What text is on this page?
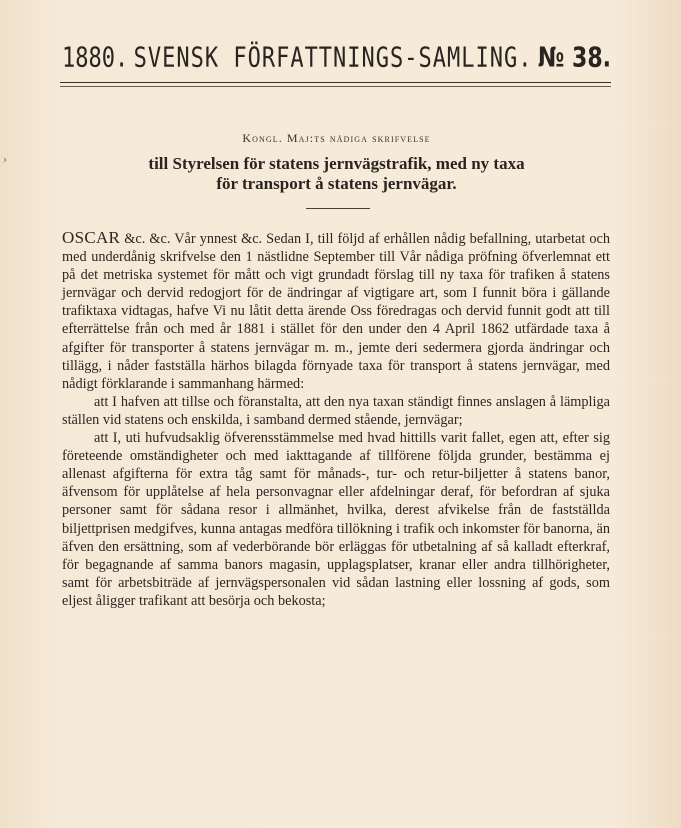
›
1880. SVENSK FÖRFATTNINGS-SAMLING. № 38.
Kongl. Maj:ts nådiga skrifvelse
till Styrelsen för statens jernvägstrafik, med ny taxa
för transport å statens jernvägar.

OSCAR &c. &c. Vår ynnest &c. Sedan I, till följd af erhållen nådig befallning, utarbetat och med underdånig skrifvelse den 1 nästlidne September till Vår nådiga pröfning öfverlemnat ett på det metriska systemet för mått och vigt grundadt förslag till ny taxa för trafiken å statens jernvägar och dervid redogjort för de ändringar af vigtigare art, som I funnit böra i gällande trafiktaxa vidtagas, hafve Vi nu låtit detta ärende Oss föredragas och dervid funnit godt att till efterrättelse från och med år 1881 i stället för den under den 4 April 1862 utfärdade taxa å afgifter för transporter å statens jernvägar m. m., jemte deri sedermera gjorda ändringar och tillägg, i nåder fastställa härhos bilagda förnyade taxa för transport å statens jernvägar, med nådigt förklarande i sammanhang härmed:

att I hafven att tillse och föranstalta, att den nya taxan ständigt finnes anslagen å lämpliga ställen vid statens och enskilda, i samband dermed stående, jernvägar;

att I, uti hufvudsaklig öfverensstämmelse med hvad hittills varit fallet, egen att, efter sig företeende omständigheter och med iakttagande af tillförene följda grunder, bestämma ej allenast afgifterna för extra tåg samt för månads-, tur- och retur-biljetter å statens banor, äfvensom för upplåtelse af hela personvagnar eller afdelningar deraf, för befordran af sjuka personer samt för sådana resor i allmänhet, hvilka, derest afvikelse från de fastställda biljettprisen medgifves, kunna antagas medföra tillökning i trafik och inkomster för banorna, än äfven den ersättning, som af vederbörande bör erläggas för utbetalning af så kalladt efterkraf, för begagnande af samma banors magasin, upplagsplatser, kranar eller andra tillhörigheter, samt för arbetsbiträde af jernvägspersonalen vid sådan lastning eller lossning af gods, som eljest åligger trafikant att besörja och bekosta;
